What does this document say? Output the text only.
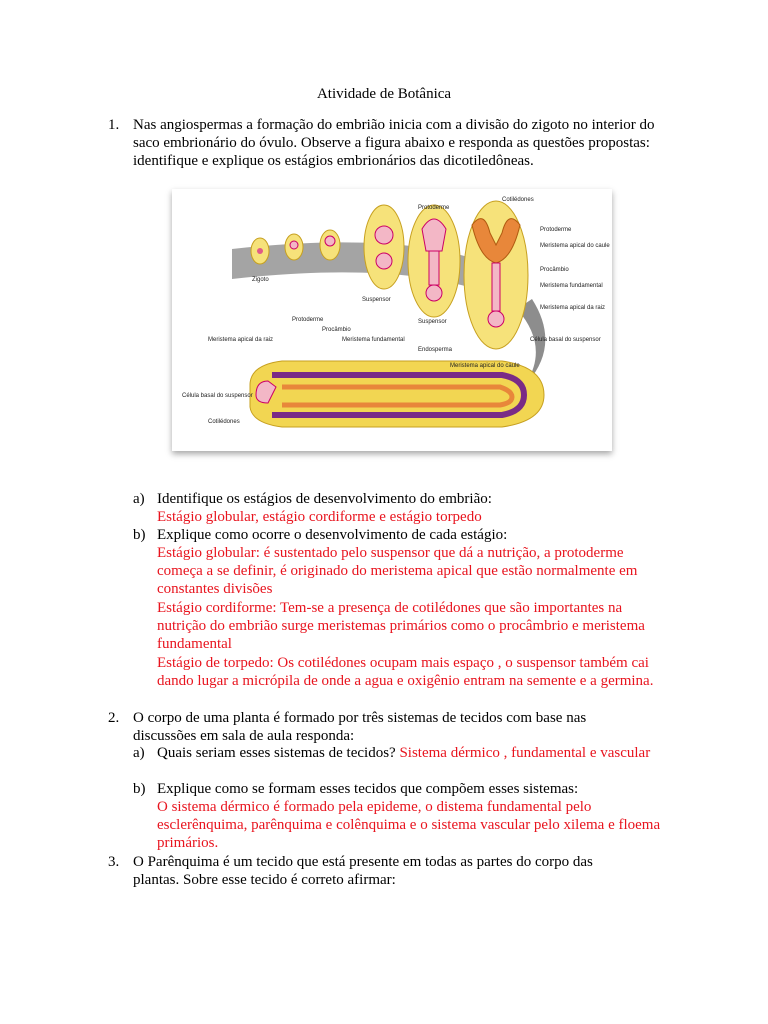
Atividade de Botânica
1. Nas angiospermas a formação do embrião inicia com a divisão do zigoto no interior do saco embrionário do óvulo. Observe a figura abaixo e responda as questões propostas: identifique e explique os estágios embrionários das dicotiledôneas.
Zigoto
Suspensor
Suspensor
Protoderme
Cotilédones
Protoderme
Meristema apical do caule
Procâmbio
Meristema fundamental
Meristema apical da raiz
Célula basal do suspensor
Protoderme
Procâmbio
Meristema fundamental
Meristema apical da raiz
Endosperma
Meristema apical do caule
Célula basal do suspensor
Cotilédones
a) Identifique os estágios de desenvolvimento do embrião:
Estágio globular, estágio cordiforme e estágio torpedo
b) Explique como ocorre o desenvolvimento de cada estágio:
Estágio globular: é sustentado pelo suspensor que dá a nutrição, a protoderme começa a se definir, é originado do meristema apical que estão normalmente em constantes divisões
Estágio cordiforme: Tem-se a presença de cotilédones que são importantes na nutrição do embrião surge meristemas primários como o procâmbrio e meristema fundamental
Estágio de torpedo: Os cotilédones ocupam mais espaço , o suspensor também cai dando lugar a micrópila de onde a agua e oxigênio entram na semente e a germina.
2. O corpo de uma planta é formado por três sistemas de tecidos com base nas discussões em sala de aula responda:
a) Quais seriam esses sistemas de tecidos? Sistema dérmico , fundamental e vascular
b) Explique como se formam esses tecidos que compõem esses sistemas:
O sistema dérmico é formado pela epideme, o distema fundamental pelo esclerênquima, parênquima e colênquima e o sistema vascular pelo xilema e floema primários.
3. O Parênquima é um tecido que está presente em todas as partes do corpo das plantas. Sobre esse tecido é correto afirmar:
